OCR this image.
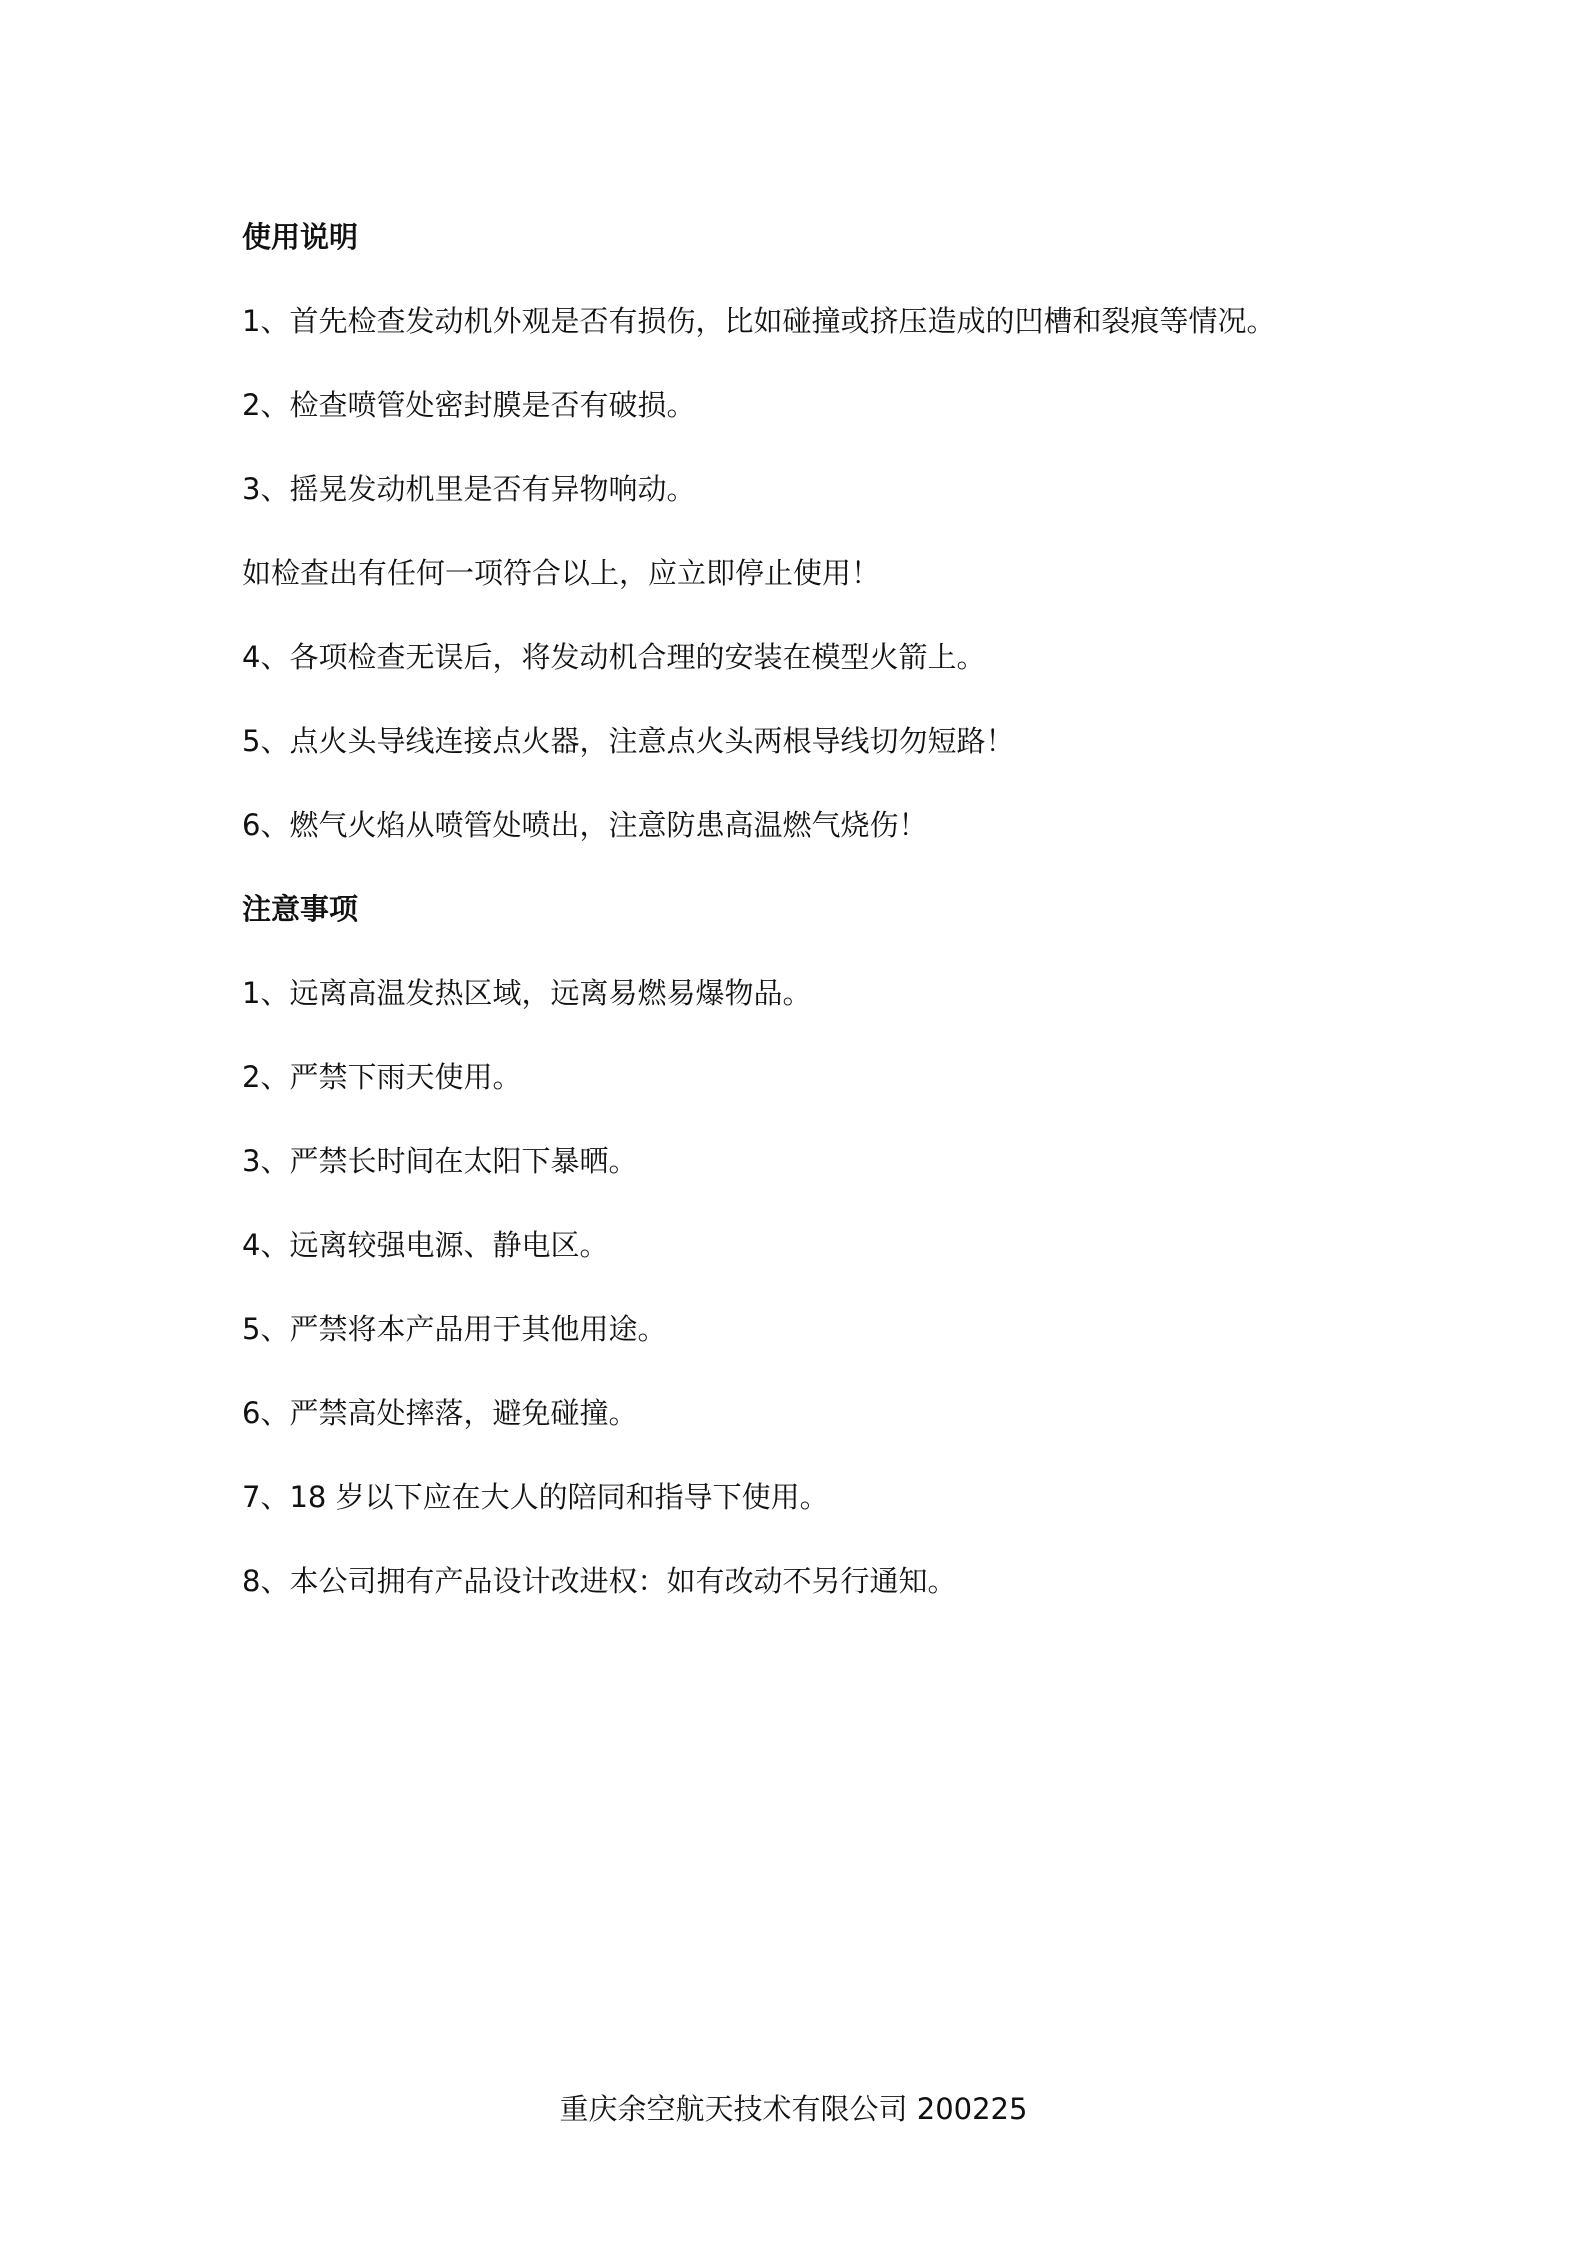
使用说明
1、首先检查发动机外观是否有损伤，比如碰撞或挤压造成的凹槽和裂痕等情况。
2、检查喷管处密封膜是否有破损。
3、摇晃发动机里是否有异物响动。
如检查出有任何一项符合以上，应立即停止使用！
4、各项检查无误后，将发动机合理的安装在模型火箭上。
5、点火头导线连接点火器，注意点火头两根导线切勿短路！
6、燃气火焰从喷管处喷出，注意防患高温燃气烧伤！
注意事项
1、远离高温发热区域，远离易燃易爆物品。
2、严禁下雨天使用。
3、严禁长时间在太阳下暴晒。
4、远离较强电源、静电区。
5、严禁将本产品用于其他用途。
6、严禁高处摔落，避免碰撞。
7、18 岁以下应在大人的陪同和指导下使用。
8、本公司拥有产品设计改进权：如有改动不另行通知。
重庆余空航天技术有限公司 200225
